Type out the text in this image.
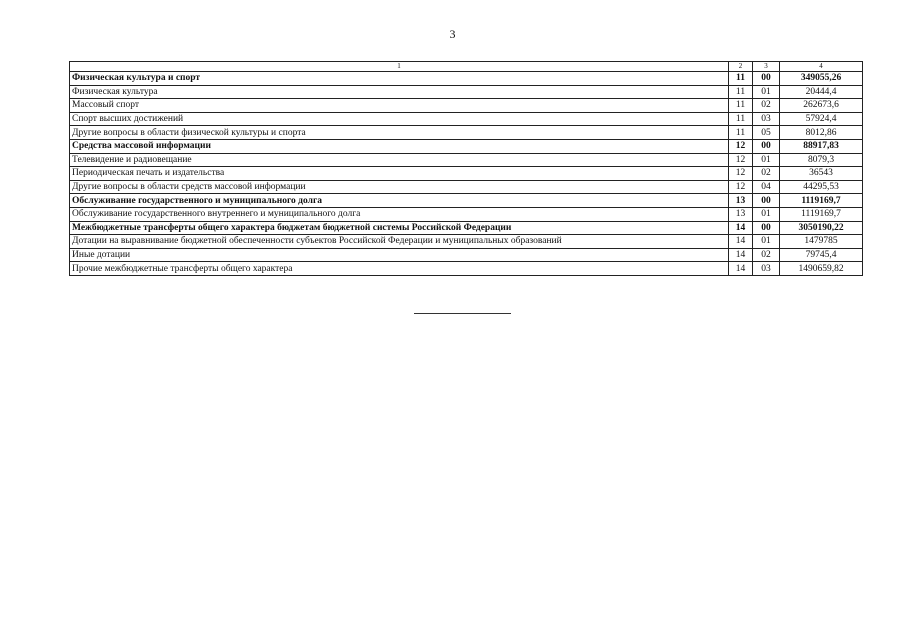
3
1	2	3	4
Физическая культура и спорт	11	00	349055,26
Физическая культура	11	01	20444,4
Массовый спорт	11	02	262673,6
Спорт высших достижений	11	03	57924,4
Другие вопросы в области физической культуры и спорта	11	05	8012,86
Средства массовой информации	12	00	88917,83
Телевидение и радиовещание	12	01	8079,3
Периодическая печать и издательства	12	02	36543
Другие вопросы в области средств массовой информации	12	04	44295,53
Обслуживание государственного и муниципального долга	13	00	1119169,7
Обслуживание государственного внутреннего и муниципального долга	13	01	1119169,7
Межбюджетные трансферты общего характера бюджетам бюджетной системы Российской Федерации	14	00	3050190,22
Дотации на выравнивание бюджетной обеспеченности субъектов Российской Федерации и муниципальных образований	14	01	1479785
Иные дотации	14	02	79745,4
Прочие межбюджетные трансферты общего характера	14	03	1490659,82
